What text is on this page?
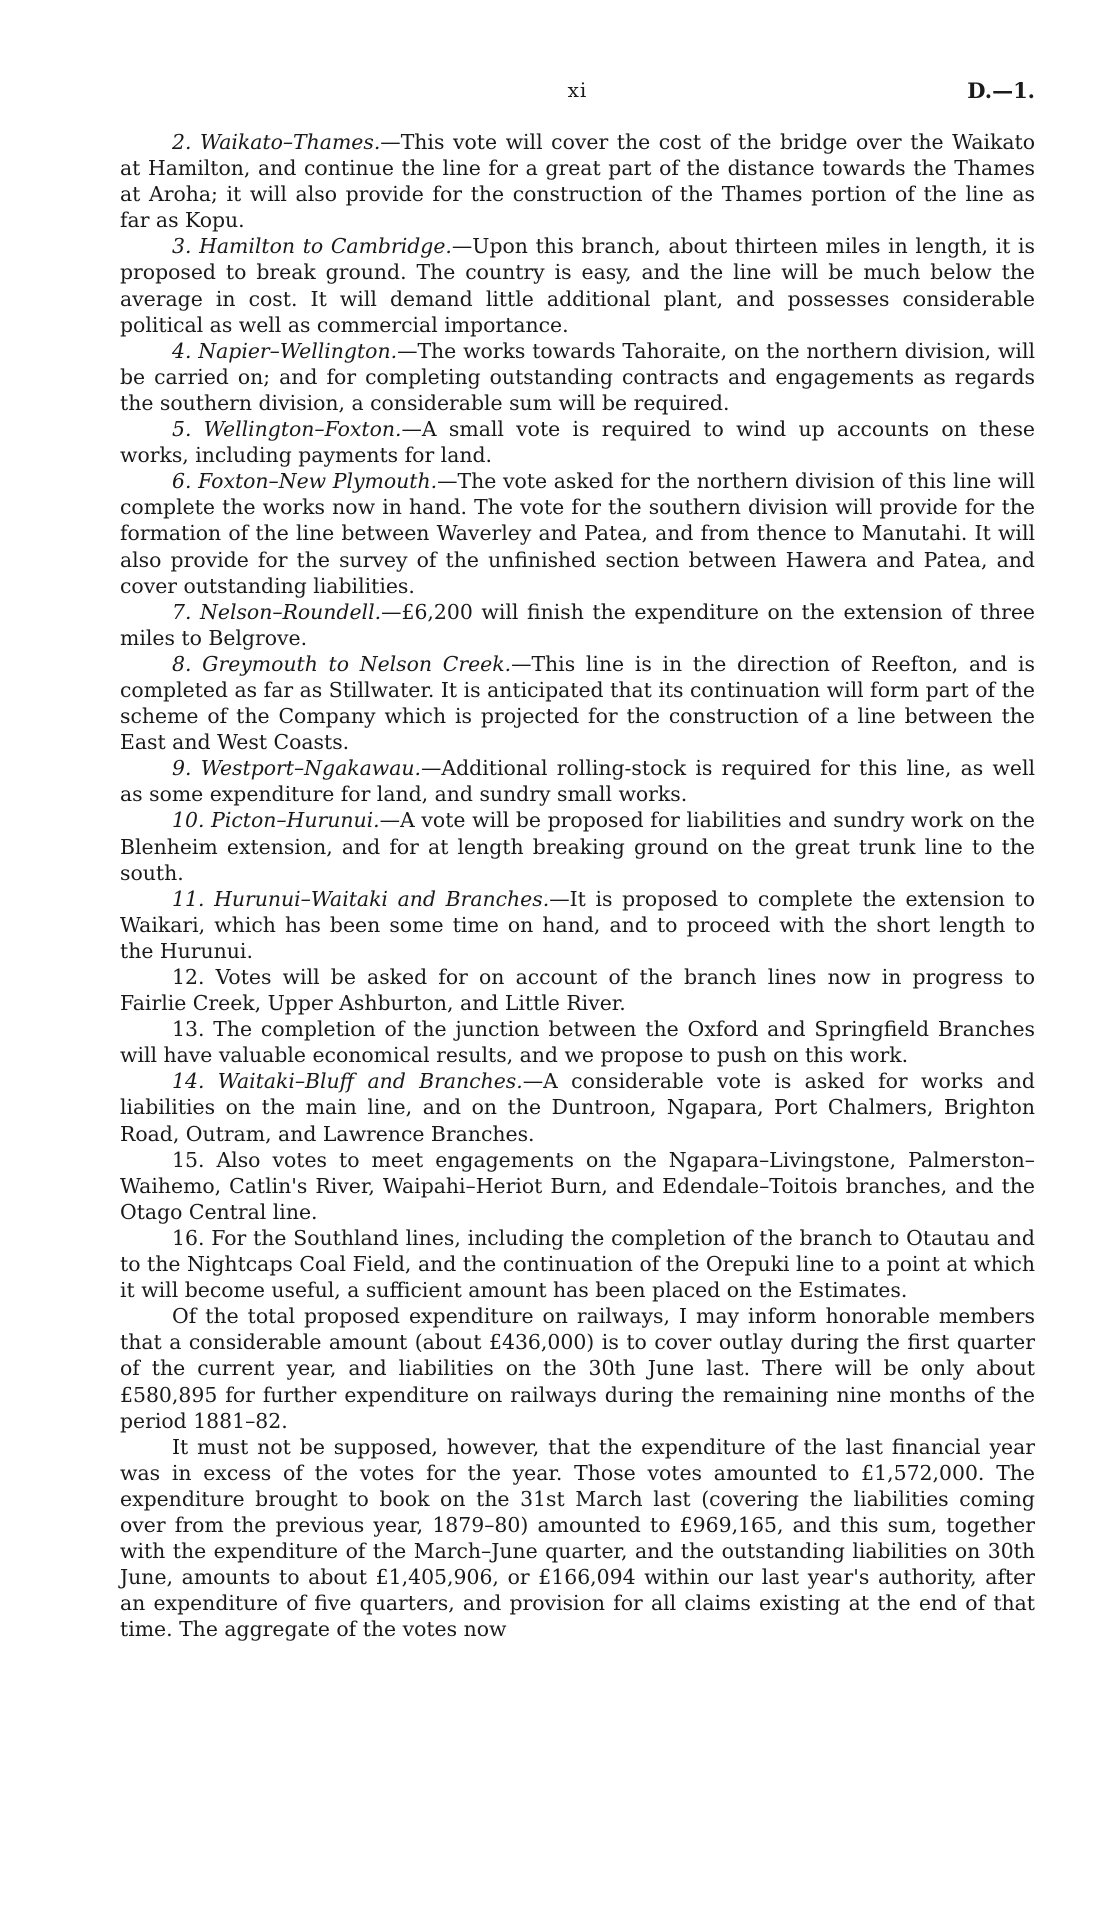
xi	D.—1.

2. Waikato–Thames.—This vote will cover the cost of the bridge over the Waikato at Hamilton, and continue the line for a great part of the distance towards the Thames at Aroha; it will also provide for the construction of the Thames portion of the line as far as Kopu.

3. Hamilton to Cambridge.—Upon this branch, about thirteen miles in length, it is proposed to break ground. The country is easy, and the line will be much below the average in cost. It will demand little additional plant, and possesses considerable political as well as commercial importance.

4. Napier–Wellington.—The works towards Tahoraite, on the northern division, will be carried on; and for completing outstanding contracts and engagements as regards the southern division, a considerable sum will be required.

5. Wellington–Foxton.—A small vote is required to wind up accounts on these works, including payments for land.

6. Foxton–New Plymouth.—The vote asked for the northern division of this line will complete the works now in hand. The vote for the southern division will provide for the formation of the line between Waverley and Patea, and from thence to Manutahi. It will also provide for the survey of the unfinished section between Hawera and Patea, and cover outstanding liabilities.

7. Nelson–Roundell.—£6,200 will finish the expenditure on the extension of three miles to Belgrove.

8. Greymouth to Nelson Creek.—This line is in the direction of Reefton, and is completed as far as Stillwater. It is anticipated that its continuation will form part of the scheme of the Company which is projected for the construction of a line between the East and West Coasts.

9. Westport–Ngakawau.—Additional rolling-stock is required for this line, as well as some expenditure for land, and sundry small works.

10. Picton–Hurunui.—A vote will be proposed for liabilities and sundry work on the Blenheim extension, and for at length breaking ground on the great trunk line to the south.

11. Hurunui–Waitaki and Branches.—It is proposed to complete the extension to Waikari, which has been some time on hand, and to proceed with the short length to the Hurunui.

12. Votes will be asked for on account of the branch lines now in progress to Fairlie Creek, Upper Ashburton, and Little River.

13. The completion of the junction between the Oxford and Springfield Branches will have valuable economical results, and we propose to push on this work.

14. Waitaki–Bluff and Branches.—A considerable vote is asked for works and liabilities on the main line, and on the Duntroon, Ngapara, Port Chalmers, Brighton Road, Outram, and Lawrence Branches.

15. Also votes to meet engagements on the Ngapara–Livingstone, Palmerston–Waihemo, Catlin's River, Waipahi–Heriot Burn, and Edendale–Toitois branches, and the Otago Central line.

16. For the Southland lines, including the completion of the branch to Otautau and to the Nightcaps Coal Field, and the continuation of the Orepuki line to a point at which it will become useful, a sufficient amount has been placed on the Estimates.

Of the total proposed expenditure on railways, I may inform honorable members that a considerable amount (about £436,000) is to cover outlay during the first quarter of the current year, and liabilities on the 30th June last. There will be only about £580,895 for further expenditure on railways during the remaining nine months of the period 1881–82.

It must not be supposed, however, that the expenditure of the last financial year was in excess of the votes for the year. Those votes amounted to £1,572,000. The expenditure brought to book on the 31st March last (covering the liabilities coming over from the previous year, 1879–80) amounted to £969,165, and this sum, together with the expenditure of the March–June quarter, and the outstanding liabilities on 30th June, amounts to about £1,405,906, or £166,094 within our last year's authority, after an expenditure of five quarters, and provision for all claims existing at the end of that time. The aggregate of the votes now
